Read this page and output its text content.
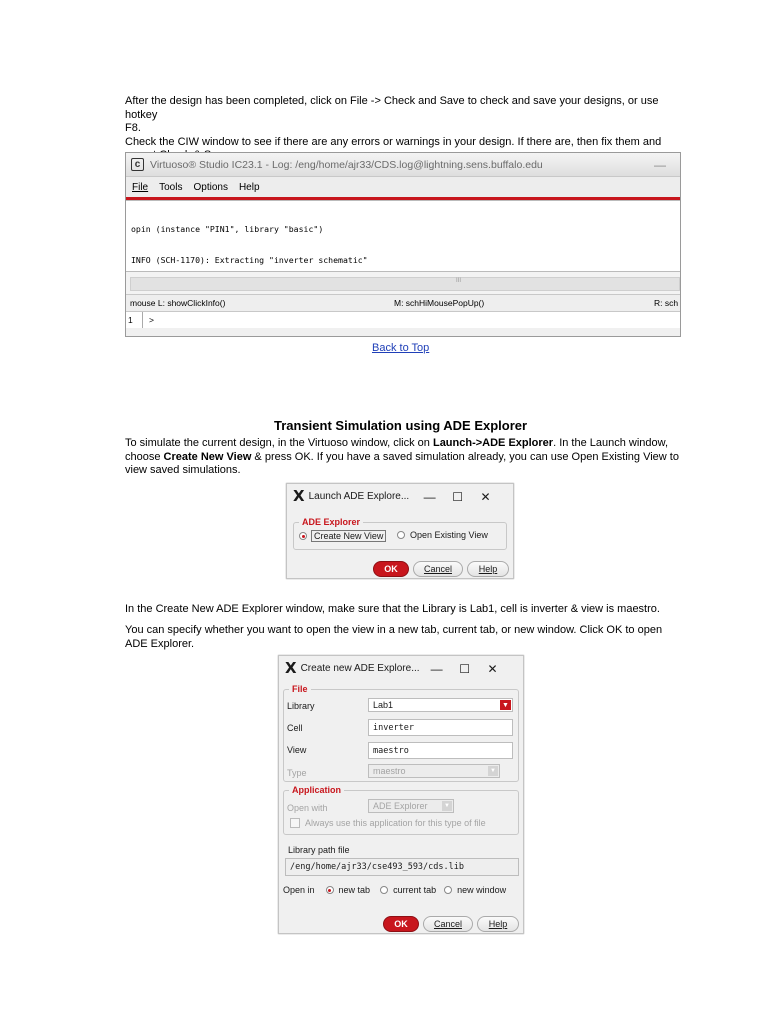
After the design has been completed, click on File -> Check and Save to check and save your designs, or use hotkey
F8.
Check the CIW window to see if there are any errors or warnings in your design. If there are, then fix them and
c Virtuoso® Studio IC23.1 - Log: /eng/home/ajr33/CDS.log@lightning.sens.buffalo.edu	—
File Tools Options Help

opin (instance "PIN1", library "basic")

INFO (SCH-1170): Extracting "inverter schematic"

III
mouse L: showClickInfo()	M: schHiMousePopUp()	R: sch
1	>
Back to Top
Transient Simulation using ADE Explorer
To simulate the current design, in the Virtuoso window, click on Launch->ADE Explorer. In the Launch window,
choose Create New View & press OK. If you have a saved simulation already, you can use Open Existing View to
view saved simulations.
X Launch ADE Explore...	—	☐	✕
ADE Explorer
Create New View	Open Existing View
OK	Cancel	Help
In the Create New ADE Explorer window, make sure that the Library is Lab1, cell is inverter & view is maestro.
You can specify whether you want to open the view in a new tab, current tab, or new window. Click OK to open
ADE Explorer.
X Create new ADE Explore... —	☐	✕
File
Library	Lab1	▼
Cell	inverter
View	maestro
Type	maestro	▼
Application
Open with	ADE Explorer	▼
Always use this application for this type of file
Library path file
/eng/home/ajr33/cse493_593/cds.lib
Open in	new tab	current tab new window
OK	Cancel	Help
